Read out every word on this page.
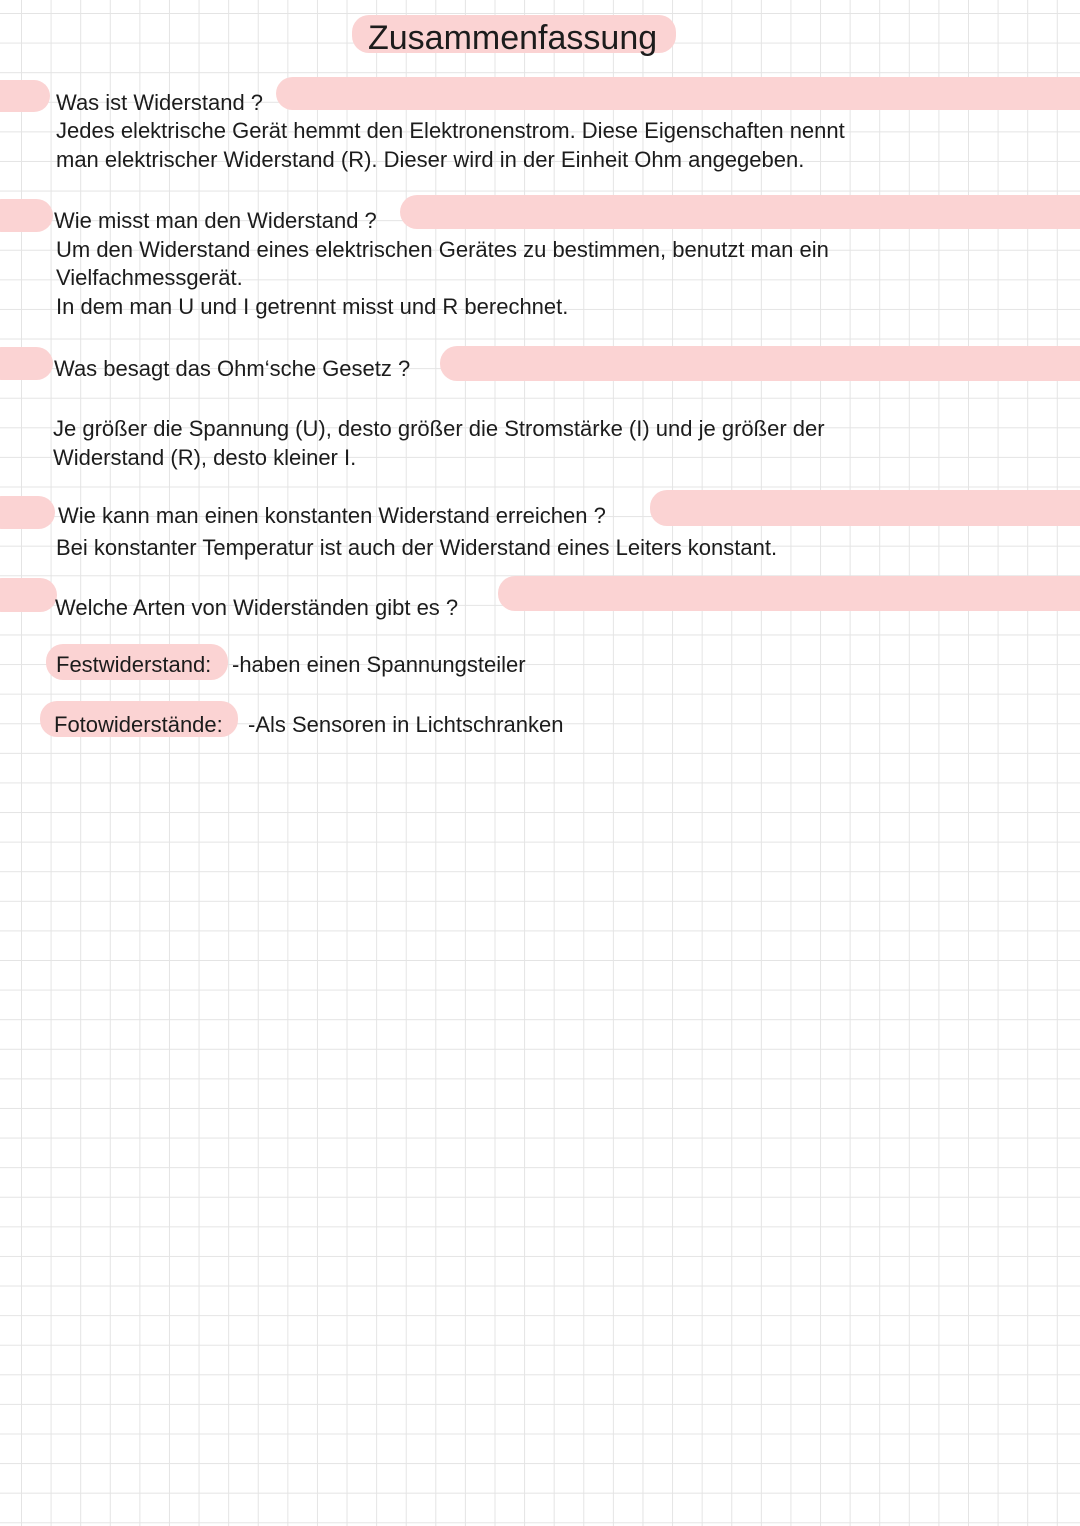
Zusammenfassung

Was ist Widerstand ?

Jedes elektrische Gerät hemmt den Elektronenstrom. Diese Eigenschaften nennt

man elektrischer Widerstand (R). Dieser wird in der Einheit Ohm angegeben.

Wie misst man den Widerstand ?

Um den Widerstand eines elektrischen Gerätes zu bestimmen, benutzt man ein

Vielfachmessgerät.

In dem man U und I getrennt misst und R berechnet.

Was besagt das Ohm‘sche Gesetz ?

Je größer die Spannung (U), desto größer die Stromstärke (I) und je größer der

Widerstand (R), desto kleiner I.

Wie kann man einen konstanten Widerstand erreichen ?

Bei konstanter Temperatur ist auch der Widerstand eines Leiters konstant.

Welche Arten von Widerständen gibt es ?

Festwiderstand: -haben einen Spannungsteiler

Fotowiderstände: -Als Sensoren in Lichtschranken
